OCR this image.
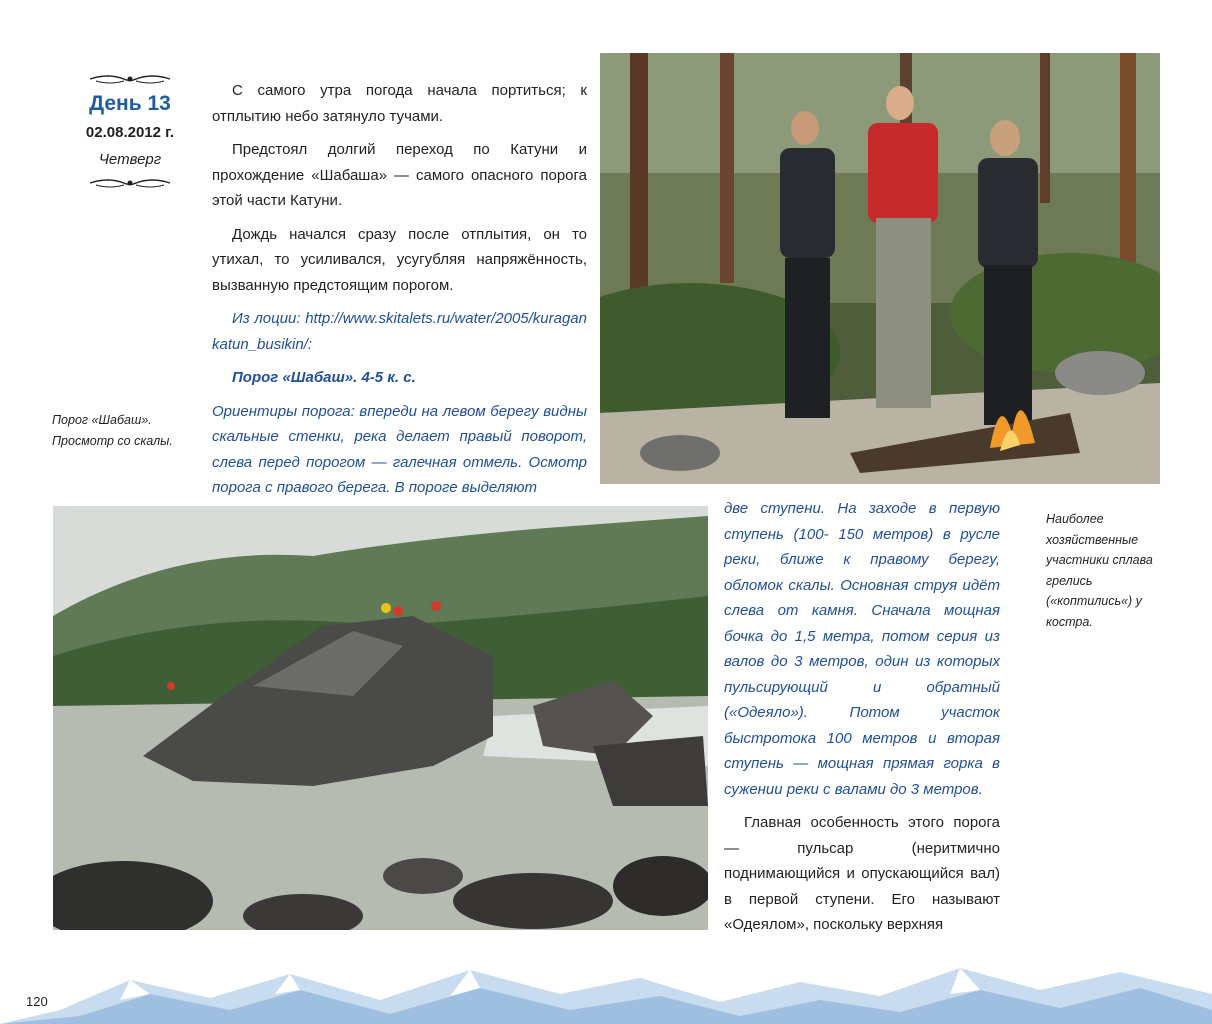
День 13
02.08.2012 г.
Четверг

С самого утра погода начала портиться; к отплытию небо затянуло тучами.

Предстоял долгий переход по Катуни и прохождение «Шабаша» — самого опасного порога этой части Катуни.

Дождь начался сразу после отплытия, он то утихал, то усиливался, усугубляя напряжённость, вызванную предстоящим порогом.

Из лоции: http://www.skitalets.ru/water/2005/kuragankatun_busikin/:

Порог «Шабаш». 4-5 к. с.

Ориентиры порога: впереди на левом берегу видны скальные стенки, река делает правый поворот, слева перед порогом — галечная отмель. Осмотр порога с правого берега. В пороге выделяют

две ступени. На заходе в первую ступень (100- 150 метров) в русле реки, ближе к правому берегу, обломок скалы. Основная струя идёт слева от камня. Сначала мощная бочка до 1,5 метра, потом серия из валов до 3 метров, один из которых пульсирующий и обратный («Одеяло»). Потом участок быстротока 100 метров и вторая ступень — мощная прямая горка в сужении реки с валами до 3 метров.

Главная особенность этого порога — пульсар (неритмично поднимающийся и опускающийся вал) в первой ступени. Его называют «Одеялом», поскольку верхняя

Порог «Шабаш». Просмотр со скалы.
Наиболее хозяйственные участники сплава грелись («коптились«) у костра.
120
